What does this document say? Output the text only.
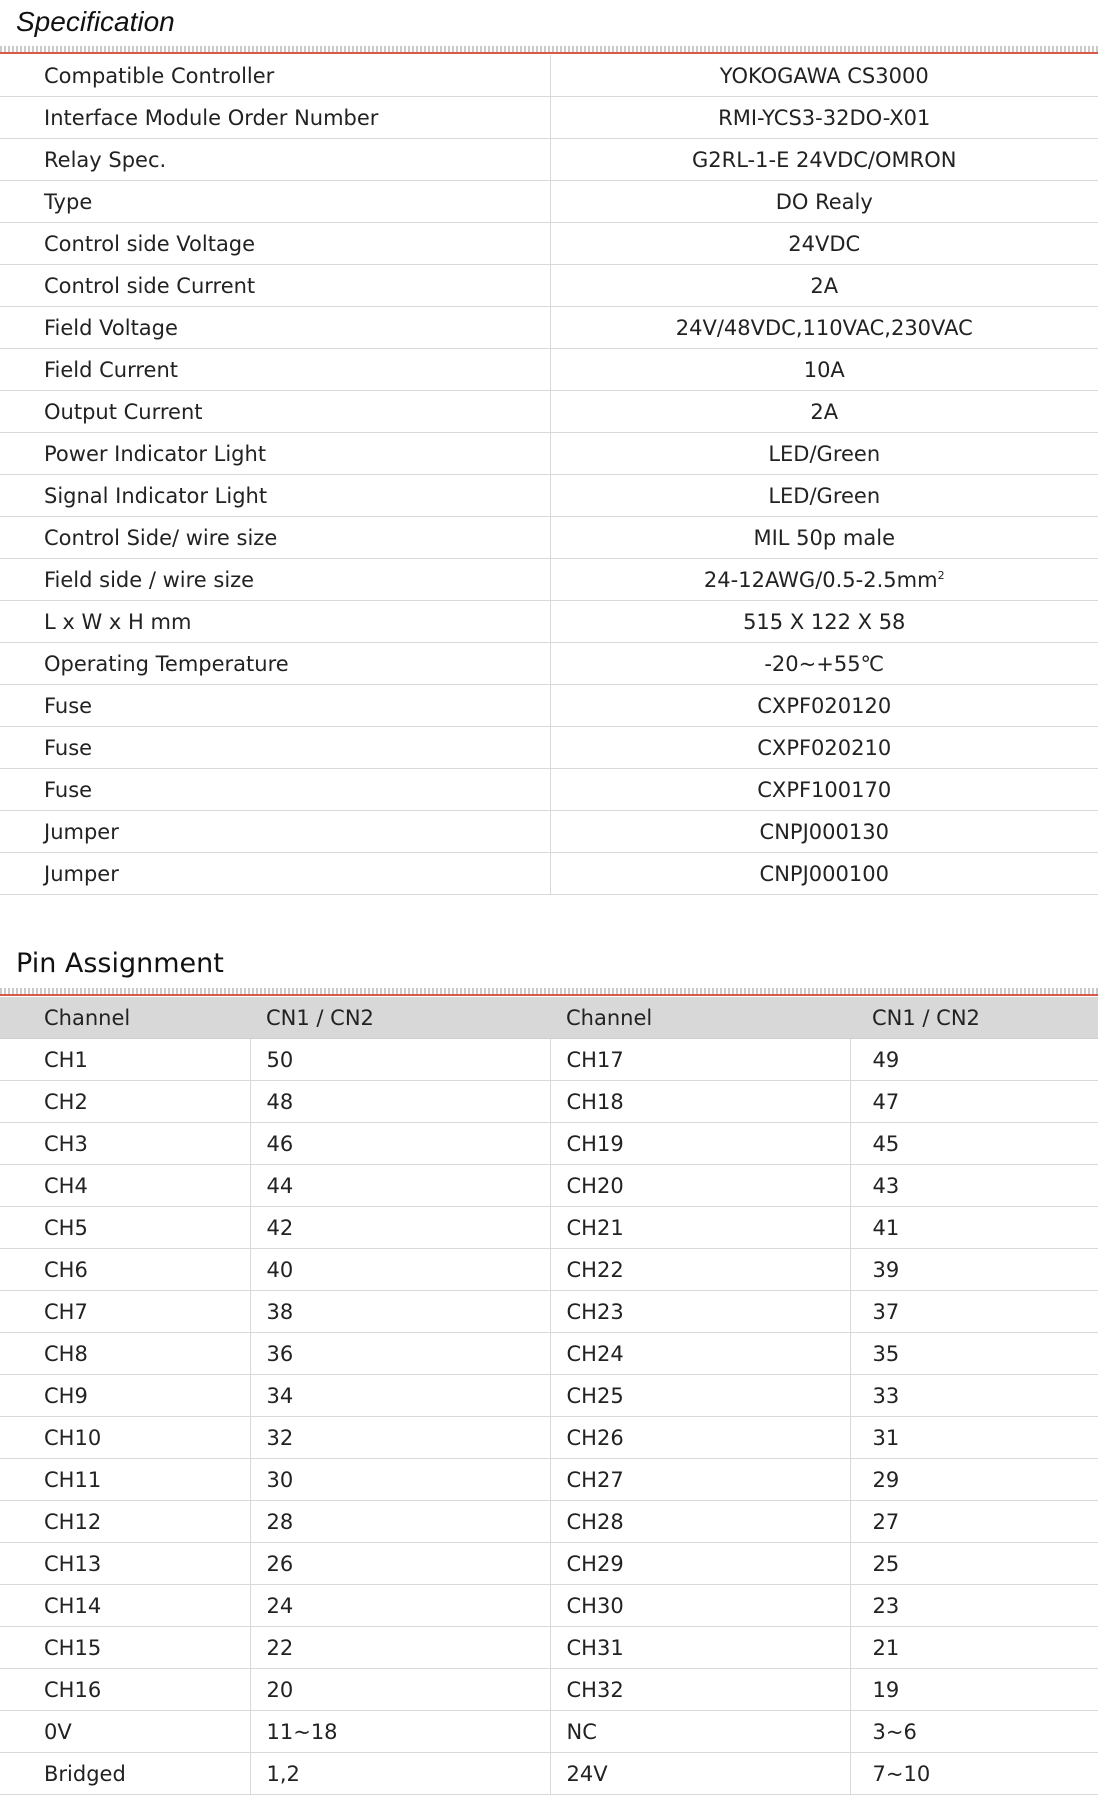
Specification
Compatible Controller	YOKOGAWA CS3000
Interface Module Order Number	RMI-YCS3-32DO-X01
Relay Spec.	G2RL-1-E 24VDC/OMRON
Type	DO Realy
Control side Voltage	24VDC
Control side Current	2A
Field Voltage	24V/48VDC,110VAC,230VAC
Field Current	10A
Output Current	2A
Power Indicator Light	LED/Green
Signal Indicator Light	LED/Green
Control Side/ wire size	MIL 50p male
Field side / wire size	$24-12AWG/0.5-2.5mm^2$
L x W x H mm	515 X 122 X 58
Operating Temperature	-20~+55℃
Fuse	CXPF020120
Fuse	CXPF020210
Fuse	CXPF100170
Jumper	CNPJ000130
Jumper	CNPJ000100
Pin Assignment
Channel	CN1 / CN2	Channel	CN1 / CN2
CH1	50	CH17	49
CH2	48	CH18	47
CH3	46	CH19	45
CH4	44	CH20	43
CH5	42	CH21	41
CH6	40	CH22	39
CH7	38	CH23	37
CH8	36	CH24	35
CH9	34	CH25	33
CH10	32	CH26	31
CH11	30	CH27	29
CH12	28	CH28	27
CH13	26	CH29	25
CH14	24	CH30	23
CH15	22	CH31	21
CH16	20	CH32	19
0V	11~18	NC	3~6
Bridged	1,2	24V	7~10
